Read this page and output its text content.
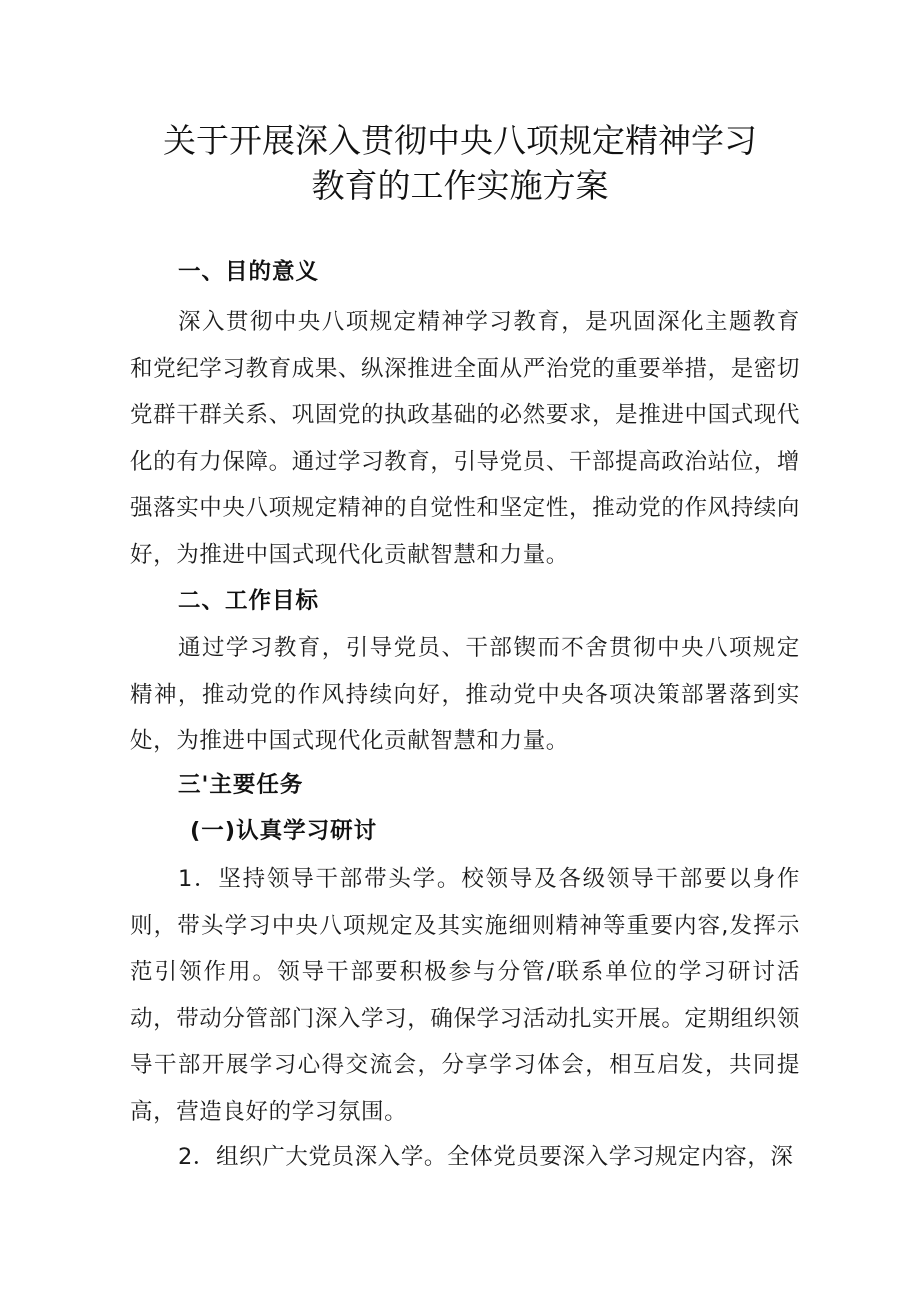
关于开展深入贯彻中央八项规定精神学习
教育的工作实施方案

一、目的意义

深入贯彻中央八项规定精神学习教育，是巩固深化主题教育和党纪学习教育成果、纵深推进全面从严治党的重要举措，是密切党群干群关系、巩固党的执政基础的必然要求，是推进中国式现代化的有力保障。通过学习教育，引导党员、干部提高政治站位，增强落实中央八项规定精神的自觉性和坚定性，推动党的作风持续向好，为推进中国式现代化贡献智慧和力量。

二、工作目标

通过学习教育，引导党员、干部锲而不舍贯彻中央八项规定精神，推动党的作风持续向好，推动党中央各项决策部署落到实处，为推进中国式现代化贡献智慧和力量。

三'主要任务

(一)认真学习研讨

1．坚持领导干部带头学。校领导及各级领导干部要以身作则，带头学习中央八项规定及其实施细则精神等重要内容,发挥示范引领作用。领导干部要积极参与分管/联系单位的学习研讨活动，带动分管部门深入学习，确保学习活动扎实开展。定期组织领导干部开展学习心得交流会，分享学习体会，相互启发，共同提高，营造良好的学习氛围。

2．组织广大党员深入学。全体党员要深入学习规定内容，深
